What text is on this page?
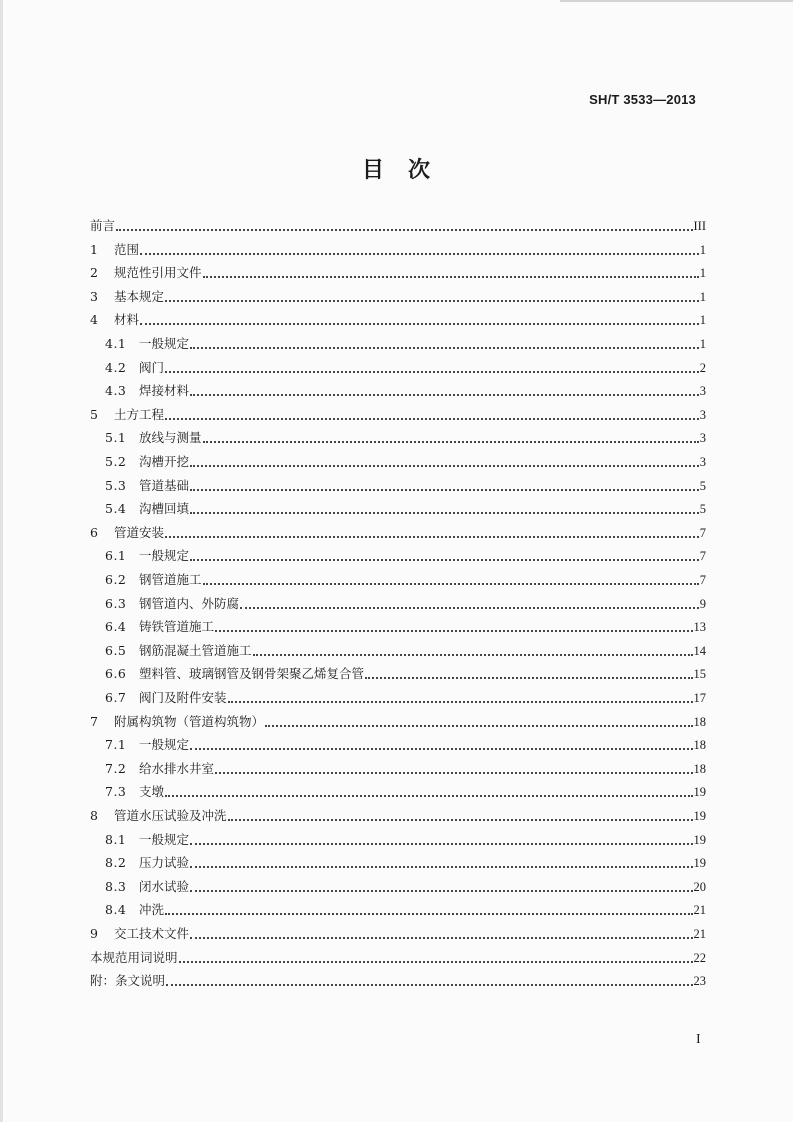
SH/T 3533—2013
目　次
前言	III
1	范围	1
2	规范性引用文件	1
3	基本规定	1
4	材料	1
4.1	一般规定	1
4.2	阀门	2
4.3	焊接材料	3
5	土方工程	3
5.1	放线与测量	3
5.2	沟槽开挖	3
5.3	管道基础	5
5.4	沟槽回填	5
6	管道安装	7
6.1	一般规定	7
6.2	钢管道施工	7
6.3	钢管道内、外防腐	9
6.4	铸铁管道施工	13
6.5	钢筋混凝土管道施工	14
6.6	塑料管、玻璃钢管及钢骨架聚乙烯复合管	15
6.7	阀门及附件安装	17
7	附属构筑物（管道构筑物）	18
7.1	一般规定	18
7.2	给水排水井室	18
7.3	支墩	19
8	管道水压试验及冲洗	19
8.1	一般规定	19
8.2	压力试验	19
8.3	闭水试验	20
8.4	冲洗	21
9	交工技术文件	21
本规范用词说明	22
附：条文说明	23
I
